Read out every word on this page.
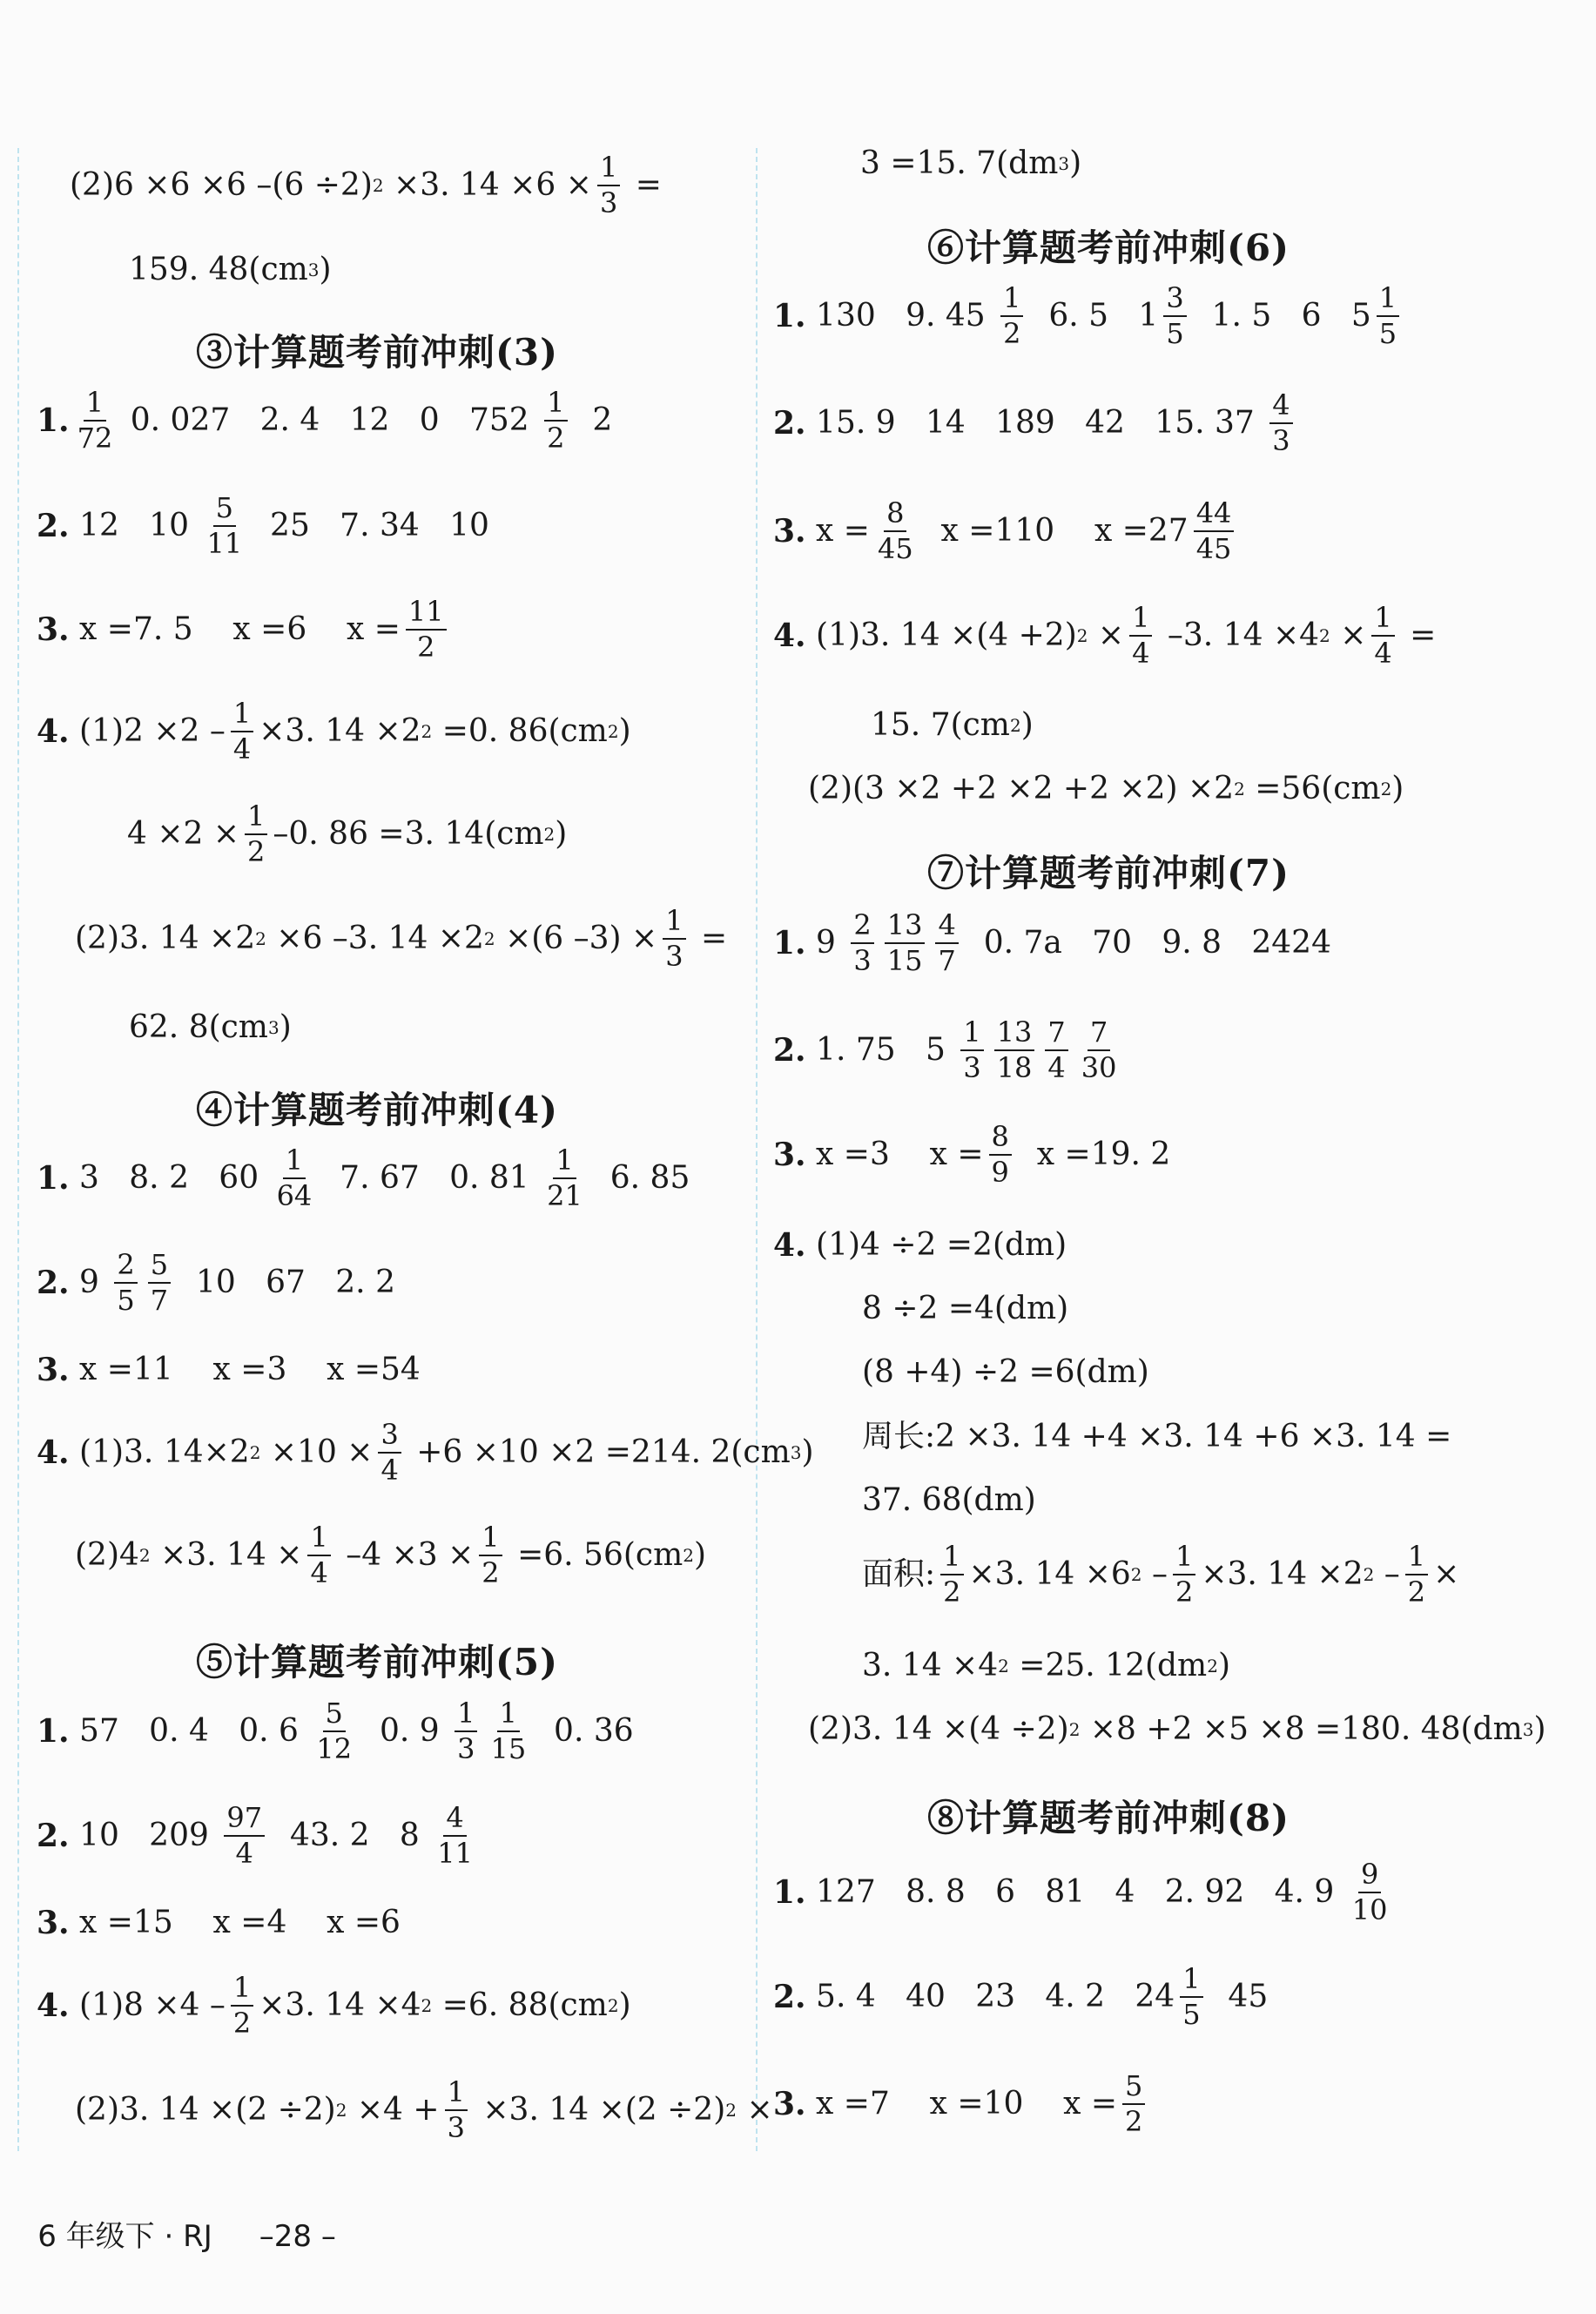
(2)6 ×6 ×6 –(6 ÷2) 2 ×3. $14 \times 6 \times \frac{1}{3}$ =
159. 48(cm 3 )
③计算题考前冲刺(3)
1. $\frac{1}{72} 0$. 027   2. 4   12   0   $752 \frac{1}{2} 2$
2. 12   $10 \frac{5}{11} 25$   7. 34   10
3. x =7. 5    x =6    $x = \frac{11}{2}$
4. $(1)2 \times 2 - \frac{1}{4} \times 3$. 14 ×2 2 =0. 86(cm 2 )
$4 \times 2 \times \frac{1}{2} -0$. 86 =3. 14(cm 2 )
(2)3. 14 ×2 2 ×6 –3. 14 ×2 2 ×(6 $-3) \times \frac{1}{3}$ =
62. 8(cm 3 )
④计算题考前冲刺(4)
1. 3   8. 2   $60 \frac{1}{64} 7$. 67   0. $81 \frac{1}{21} 6$. 85
2. $9 \frac{2}{5} \frac{5}{7} 10$   67   2. 2
3. x =11    x =3    x =54
4. (1)3. 14×2 $2 \times 10 \times \frac{3}{4} +6 \times 10 \times 2 =214$. 2(cm 3 )
(2)4 2 ×3. $14 \times \frac{1}{4} -4 \times 3 \times \frac{1}{2} =6$. 56(cm 2 )
⑤计算题考前冲刺(5)
1. 57   0. 4   0. $6 \frac{5}{12} 0$. $9 \frac{1}{3} \frac{1}{15} 0$. 36
2. 10   $209 \frac{97}{4} 43$. 2   $8 \frac{4}{11}$
3. x =15    x =4    x =6
4. $(1)8 \times 4 - \frac{1}{2} \times 3$. 14 ×4 2 =6. 88(cm 2 )
(2)3. 14 ×(2 ÷2) $2 \times 4 + \frac{1}{3} \times 3$. 14 ×(2 ÷2) 2 ×
3 =15. 7(dm 3 )
⑥计算题考前冲刺(6)
1. 130   9. $45 \frac{1}{2} 6$. 5   $1 \frac{3}{5} 1$. 5   6   $5 \frac{1}{5}$
2. 15. 9   14   189   42   15. $37 \frac{4}{3}$
3. $x = \frac{8}{45}$ x =110    $x =27 \frac{44}{45}$
4. (1)3. 14 ×(4 +2) $2 \times \frac{1}{4} -3$. 14 ×4 $2 \times \frac{1}{4}$ =
15. 7(cm 2 )
(2)(3 ×2 +2 ×2 +2 ×2) ×2 2 =56(cm 2 )
⑦计算题考前冲刺(7)
1. $9 \frac{2}{3} \frac{13}{15} \frac{4}{7} 0$. 7a   70   9. 8   2424
2. 1. 75   $5 \frac{1}{3} \frac{13}{18} \frac{7}{4} \frac{7}{30}$
3. x =3    $x = \frac{8}{9}$ x =19. 2
4. (1)4 ÷2 =2(dm)
8 ÷2 =4(dm)
(8 +4) ÷2 =6(dm)
周长:2 ×3. 14 +4 ×3. 14 +6 ×3. 14 =
37. 68(dm)
面积: $\frac{1}{2} \times 3$. 14 ×6 $2 - \frac{1}{2} \times 3$. 14 ×2 $2 - \frac{1}{2}$ ×
3. 14 ×4 2 =25. 12(dm 2 )
(2)3. 14 ×(4 ÷2) 2 ×8 +2 ×5 ×8 =180. 48(dm 3 )
⑧计算题考前冲刺(8)
1. 127   8. 8   6   81   4   2. 92   4. $9 \frac{9}{10}$
2. 5. 4   40   23   4. 2   $24 \frac{1}{5} 45$
3. x =7    x =10    $x = \frac{5}{2}$

6 年级下 · RJ –28 –
